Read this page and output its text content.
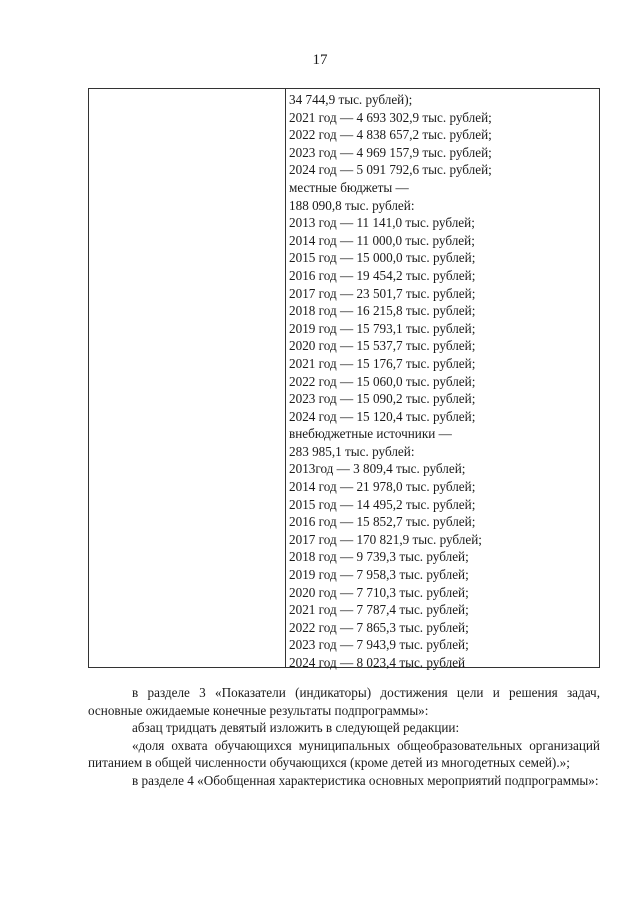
17
34 744,9 тыс. рублей);
2021 год — 4 693 302,9 тыс. рублей;
2022 год — 4 838 657,2 тыс. рублей;
2023 год — 4 969 157,9 тыс. рублей;
2024 год — 5 091 792,6 тыс. рублей;
местные бюджеты —
188 090,8 тыс. рублей:
2013 год — 11 141,0 тыс. рублей;
2014 год — 11 000,0 тыс. рублей;
2015 год — 15 000,0 тыс. рублей;
2016 год — 19 454,2 тыс. рублей;
2017 год — 23 501,7 тыс. рублей;
2018 год — 16 215,8 тыс. рублей;
2019 год — 15 793,1 тыс. рублей;
2020 год — 15 537,7 тыс. рублей;
2021 год — 15 176,7 тыс. рублей;
2022 год — 15 060,0 тыс. рублей;
2023 год — 15 090,2 тыс. рублей;
2024 год — 15 120,4 тыс. рублей;
внебюджетные источники —
283 985,1 тыс. рублей:
2013год — 3 809,4 тыс. рублей;
2014 год — 21 978,0 тыс. рублей;
2015 год — 14 495,2 тыс. рублей;
2016 год — 15 852,7 тыс. рублей;
2017 год — 170 821,9 тыс. рублей;
2018 год — 9 739,3 тыс. рублей;
2019 год — 7 958,3 тыс. рублей;
2020 год — 7 710,3 тыс. рублей;
2021 год — 7 787,4 тыс. рублей;
2022 год — 7 865,3 тыс. рублей;
2023 год — 7 943,9 тыс. рублей;
2024 год — 8 023,4 тыс. рублей

в разделе 3 «Показатели (индикаторы) достижения цели и решения задач, основные ожидаемые конечные результаты подпрограммы»:

абзац тридцать девятый изложить в следующей редакции:

«доля охвата обучающихся муниципальных общеобразовательных организаций питанием в общей численности обучающихся (кроме детей из многодетных семей).»;

в разделе 4 «Обобщенная характеристика основных мероприятий подпрограммы»:
